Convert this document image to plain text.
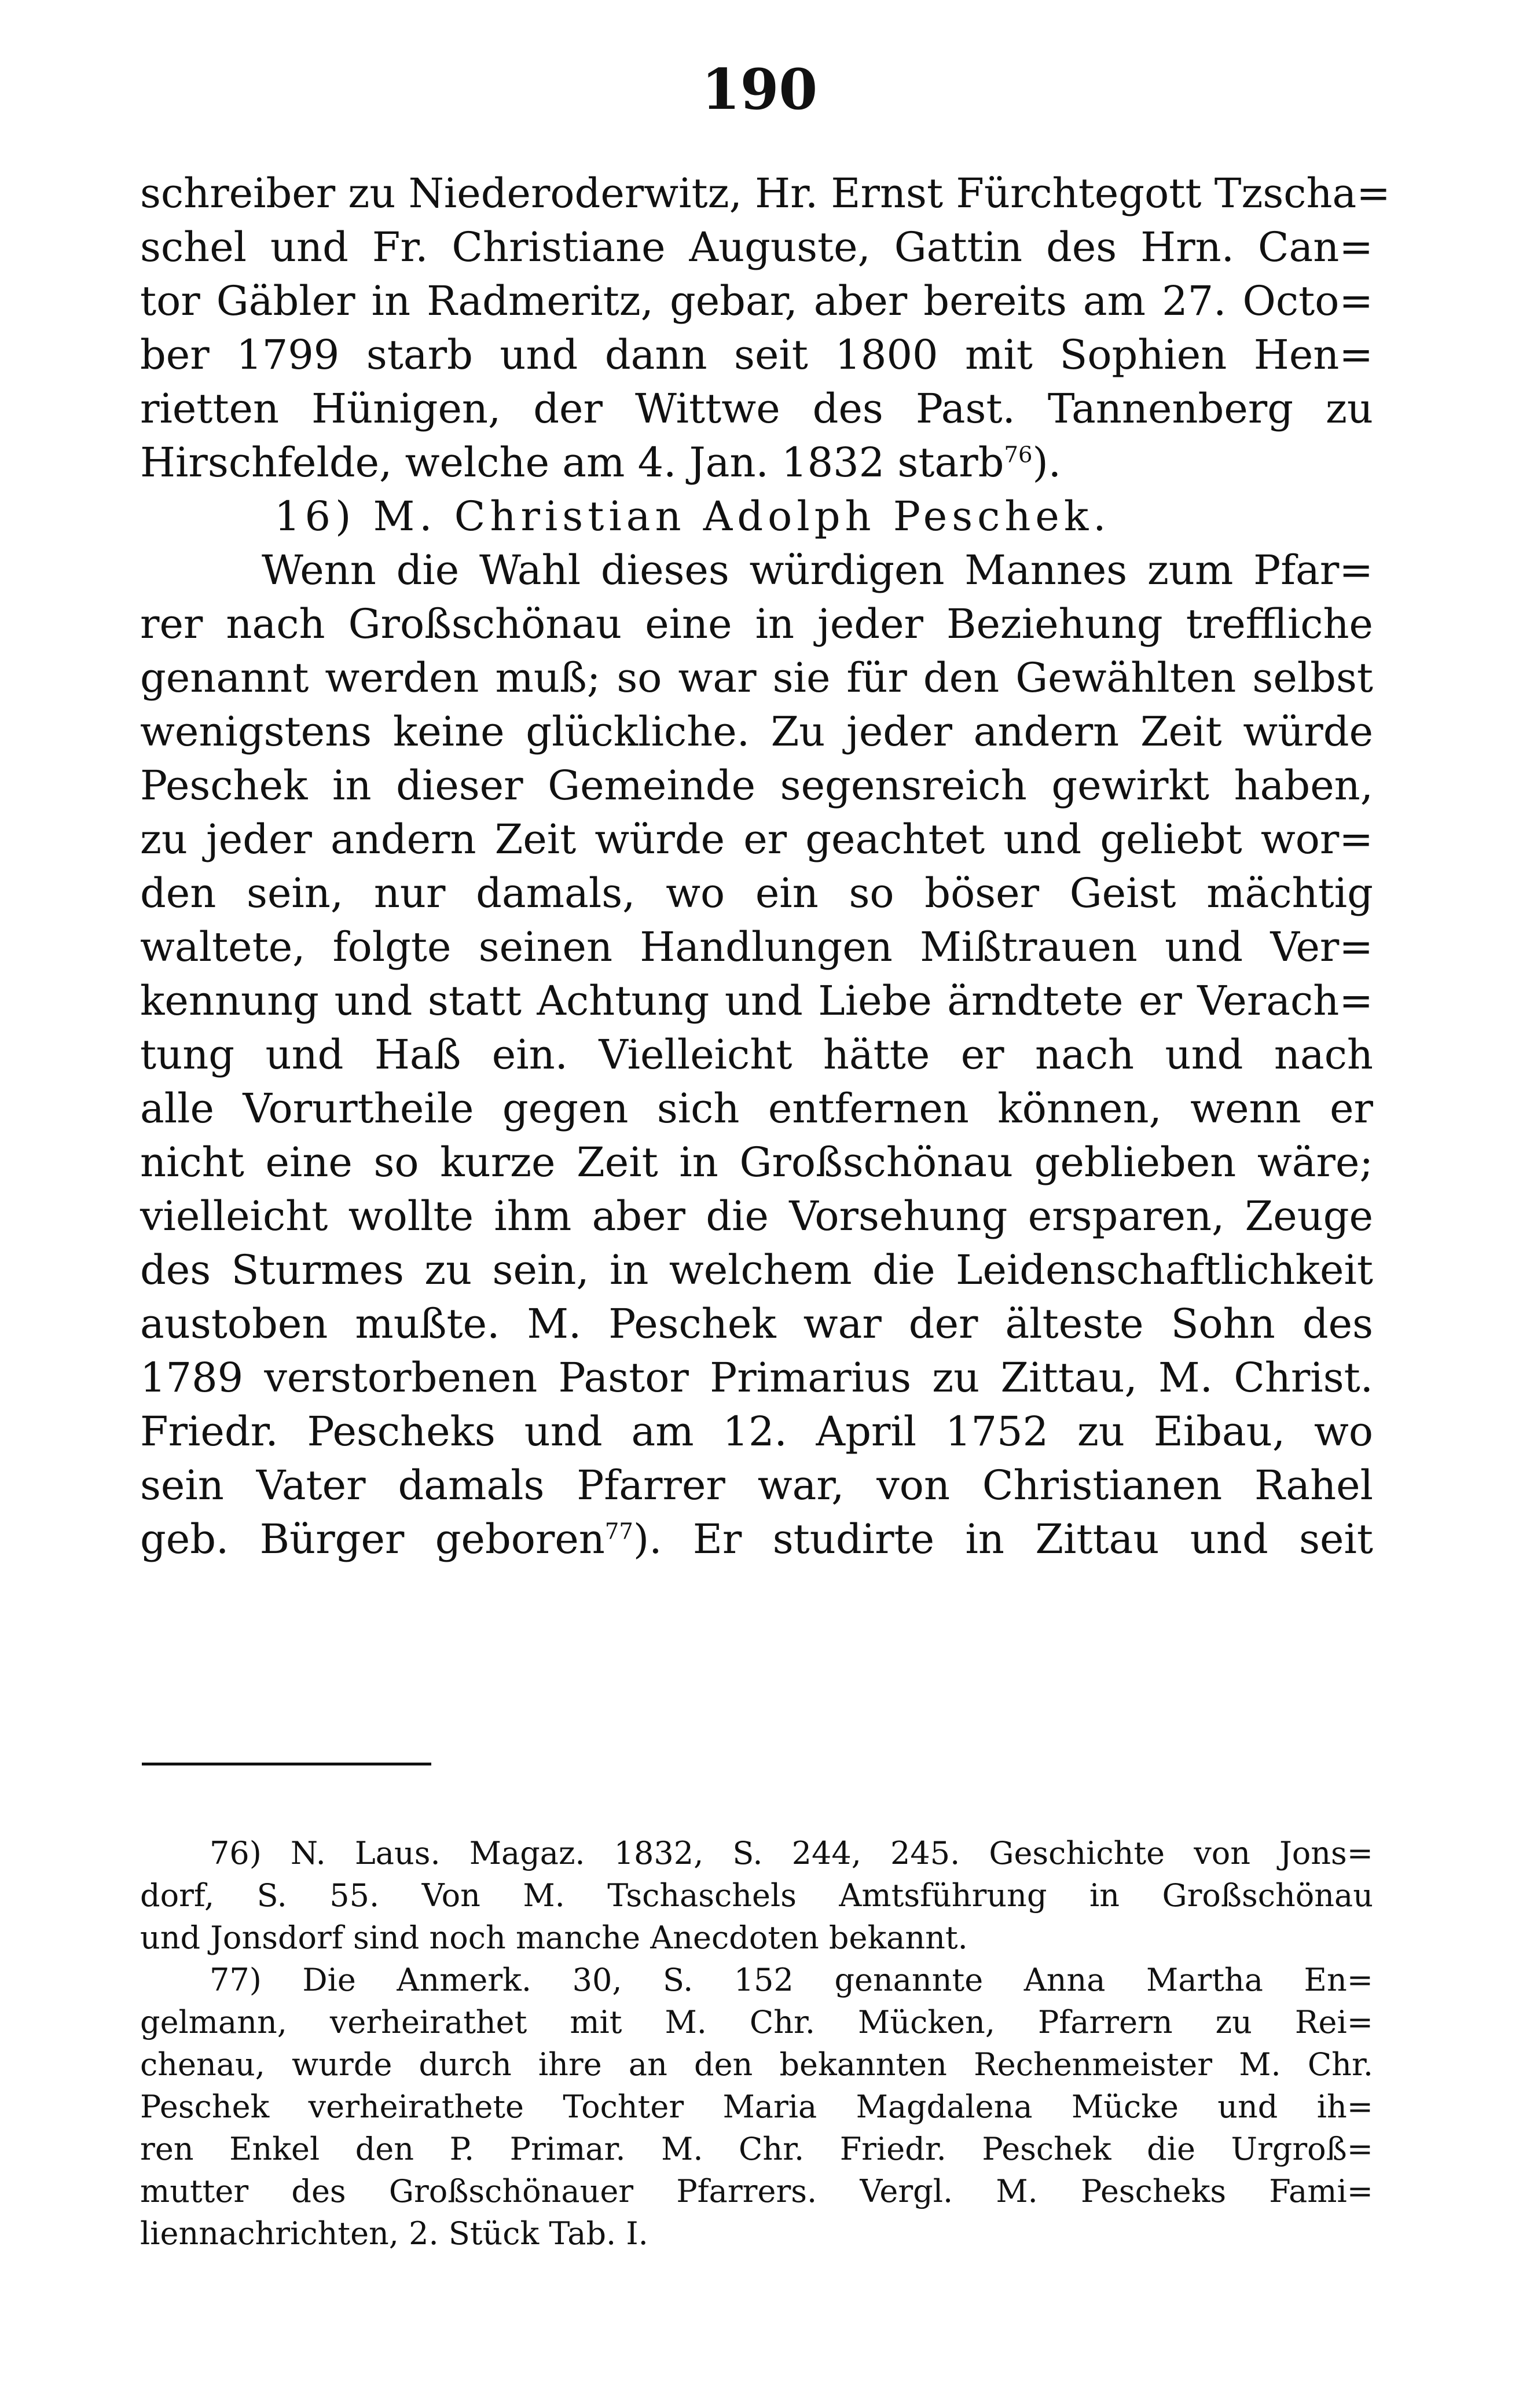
190
schreiber zu Niederoderwitz, Hr. Ernst Fürchtegott Tzscha=
schel und Fr. Christiane Auguste, Gattin des Hrn. Can=
tor Gäbler in Radmeritz, gebar, aber bereits am 27. Octo=
ber 1799 starb und dann seit 1800 mit Sophien Hen=
rietten Hünigen, der Wittwe des Past. Tannenberg zu
Hirschfelde, welche am 4. Jan. 1832 starb$^{76}$).
16) M. Christian Adolph Peschek.
Wenn die Wahl dieses würdigen Mannes zum Pfar=
rer nach Großschönau eine in jeder Beziehung treffliche
genannt werden muß; so war sie für den Gewählten selbst
wenigstens keine glückliche. Zu jeder andern Zeit würde
Peschek in dieser Gemeinde segensreich gewirkt haben,
zu jeder andern Zeit würde er geachtet und geliebt wor=
den sein, nur damals, wo ein so böser Geist mächtig
waltete, folgte seinen Handlungen Mißtrauen und Ver=
kennung und statt Achtung und Liebe ärndtete er Verach=
tung und Haß ein. Vielleicht hätte er nach und nach
alle Vorurtheile gegen sich entfernen können, wenn er
nicht eine so kurze Zeit in Großschönau geblieben wäre;
vielleicht wollte ihm aber die Vorsehung ersparen, Zeuge
des Sturmes zu sein, in welchem die Leidenschaftlichkeit
austoben mußte. M. Peschek war der älteste Sohn des
1789 verstorbenen Pastor Primarius zu Zittau, M. Christ.
Friedr. Pescheks und am 12. April 1752 zu Eibau, wo
sein Vater damals Pfarrer war, von Christianen Rahel
geb. Bürger geboren$^{77}$). Er studirte in Zittau und seit
76) N. Laus. Magaz. 1832, S. 244, 245. Geschichte von Jons=
dorf, S. 55. Von M. Tschaschels Amtsführung in Großschönau
und Jonsdorf sind noch manche Anecdoten bekannt.
77) Die Anmerk. 30, S. 152 genannte Anna Martha En=
gelmann, verheirathet mit M. Chr. Mücken, Pfarrern zu Rei=
chenau, wurde durch ihre an den bekannten Rechenmeister M. Chr.
Peschek verheirathete Tochter Maria Magdalena Mücke und ih=
ren Enkel den P. Primar. M. Chr. Friedr. Peschek die Urgroß=
mutter des Großschönauer Pfarrers. Vergl. M. Pescheks Fami=
liennachrichten, 2. Stück Tab. I.
